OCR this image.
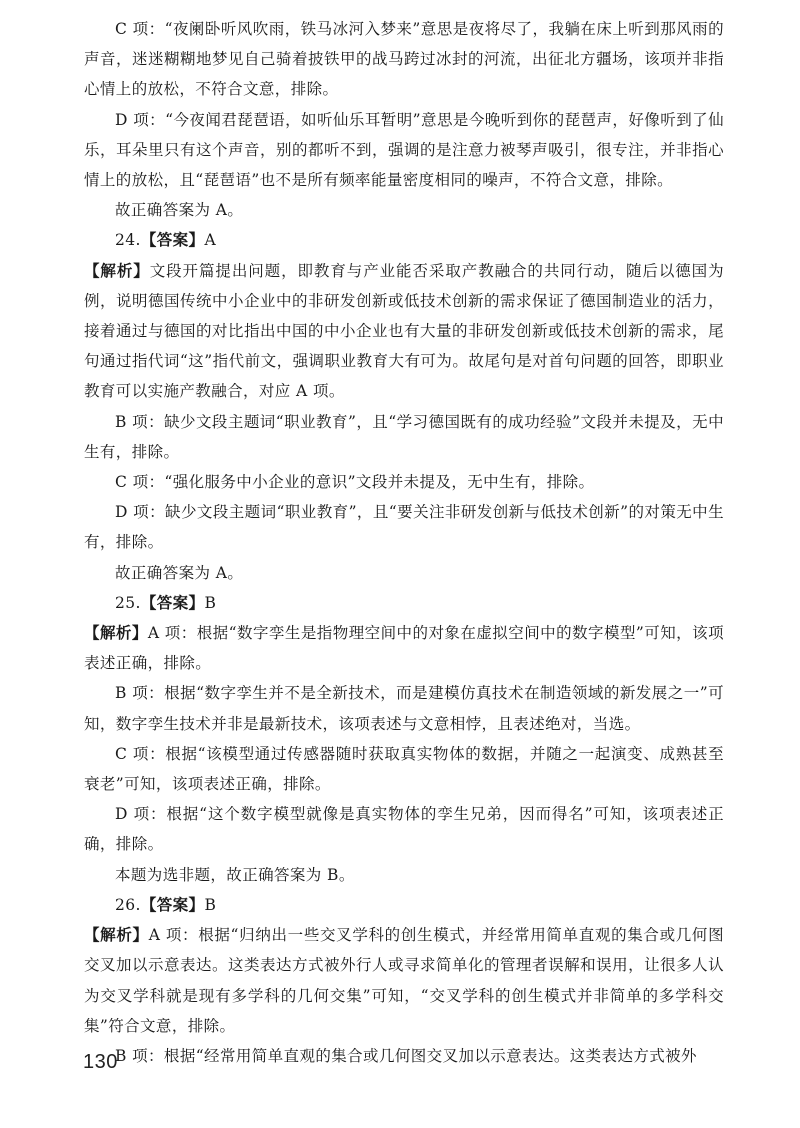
C 项：“夜阑卧听风吹雨，铁马冰河入梦来”意思是夜将尽了，我躺在床上听到那风雨的声音，迷迷糊糊地梦见自己骑着披铁甲的战马跨过冰封的河流，出征北方疆场，该项并非指心情上的放松，不符合文意，排除。

D 项：“今夜闻君琵琶语，如听仙乐耳暂明”意思是今晚听到你的琵琶声，好像听到了仙乐，耳朵里只有这个声音，别的都听不到，强调的是注意力被琴声吸引，很专注，并非指心情上的放松，且“琵琶语”也不是所有频率能量密度相同的噪声，不符合文意，排除。

故正确答案为 A。

24.【答案】A

【解析】文段开篇提出问题，即教育与产业能否采取产教融合的共同行动，随后以德国为例，说明德国传统中小企业中的非研发创新或低技术创新的需求保证了德国制造业的活力，接着通过与德国的对比指出中国的中小企业也有大量的非研发创新或低技术创新的需求，尾句通过指代词“这”指代前文，强调职业教育大有可为。故尾句是对首句问题的回答，即职业教育可以实施产教融合，对应 A 项。

B 项：缺少文段主题词“职业教育”，且“学习德国既有的成功经验”文段并未提及，无中生有，排除。

C 项：“强化服务中小企业的意识”文段并未提及，无中生有，排除。

D 项：缺少文段主题词“职业教育”，且“要关注非研发创新与低技术创新”的对策无中生有，排除。

故正确答案为 A。

25.【答案】B

【解析】A 项：根据“数字孪生是指物理空间中的对象在虚拟空间中的数字模型”可知，该项表述正确，排除。

B 项：根据“数字孪生并不是全新技术，而是建模仿真技术在制造领域的新发展之一”可知，数字孪生技术并非是最新技术，该项表述与文意相悖，且表述绝对，当选。

C 项：根据“该模型通过传感器随时获取真实物体的数据，并随之一起演变、成熟甚至衰老”可知，该项表述正确，排除。

D 项：根据“这个数字模型就像是真实物体的孪生兄弟，因而得名”可知，该项表述正确，排除。

本题为选非题，故正确答案为 B。

26.【答案】B

【解析】A 项：根据“归纳出一些交叉学科的创生模式，并经常用简单直观的集合或几何图交叉加以示意表达。这类表达方式被外行人或寻求简单化的管理者误解和误用，让很多人认为交叉学科就是现有多学科的几何交集”可知，“交叉学科的创生模式并非简单的多学科交集”符合文意，排除。

B 项：根据“经常用简单直观的集合或几何图交叉加以示意表达。这类表达方式被外

130
